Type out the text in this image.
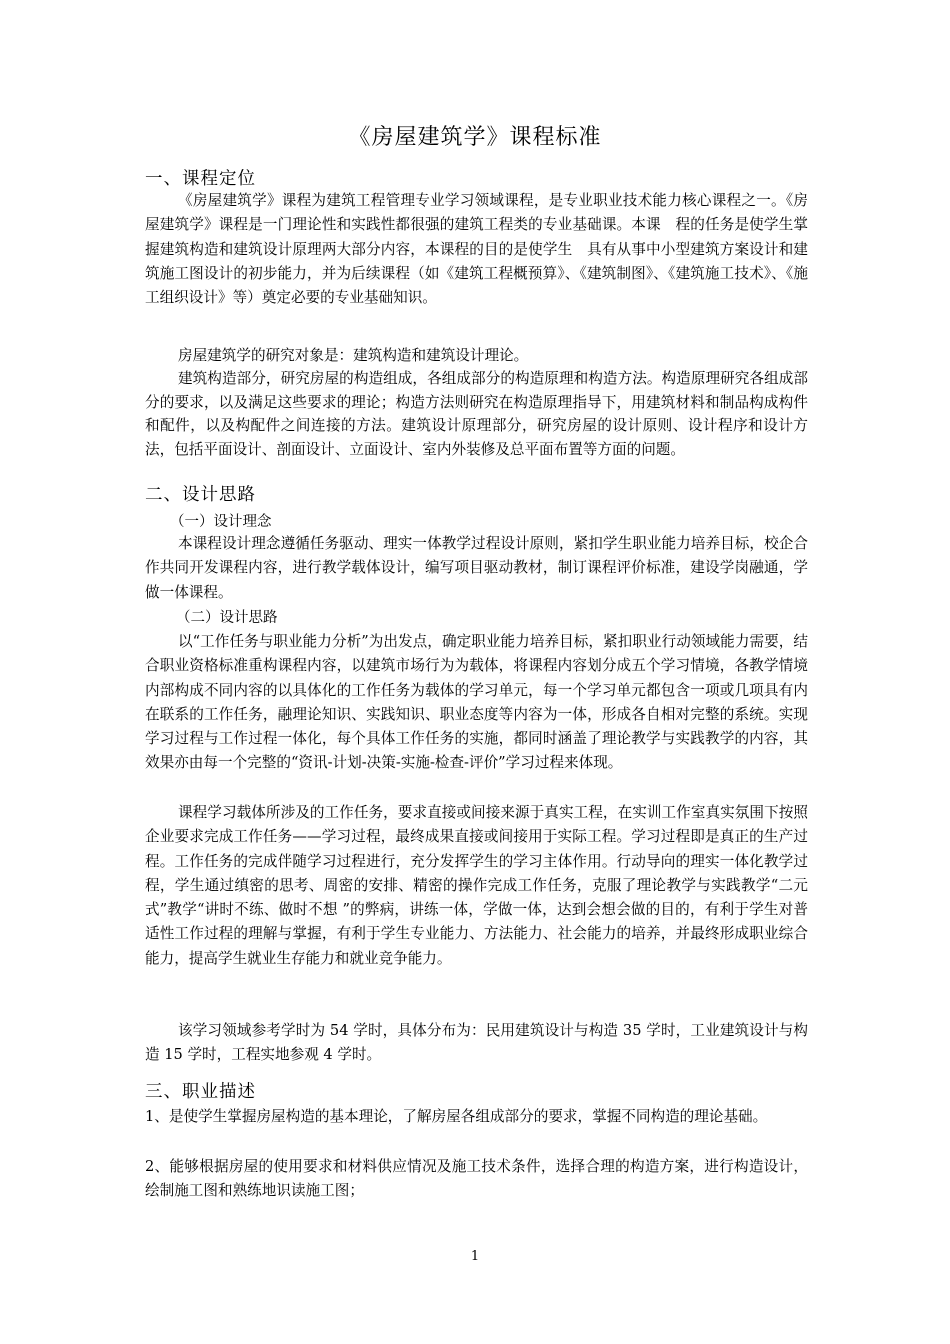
《房屋建筑学》课程标准
一、课程定位
《房屋建筑学》课程为建筑工程管理专业学习领域课程，是专业职业技术能力核心课程之一。《房屋建筑学》课程是一门理论性和实践性都很强的建筑工程类的专业基础课。本课　程的任务是使学生掌握建筑构造和建筑设计原理两大部分内容，本课程的目的是使学生　具有从事中小型建筑方案设计和建筑施工图设计的初步能力，并为后续课程（如《建筑工程概预算》、《建筑制图》、《建筑施工技术》、《施工组织设计》等）奠定必要的专业基础知识。
房屋建筑学的研究对象是：建筑构造和建筑设计理论。
建筑构造部分，研究房屋的构造组成，各组成部分的构造原理和构造方法。构造原理研究各组成部分的要求，以及满足这些要求的理论；构造方法则研究在构造原理指导下，用建筑材料和制品构成构件和配件，以及构配件之间连接的方法。建筑设计原理部分，研究房屋的设计原则、设计程序和设计方法，包括平面设计、剖面设计、立面设计、室内外装修及总平面布置等方面的问题。
二、设计思路
（一）设计理念
本课程设计理念遵循任务驱动、理实一体教学过程设计原则，紧扣学生职业能力培养目标，校企合作共同开发课程内容，进行教学载体设计，编写项目驱动教材，制订课程评价标准，建设学岗融通，学做一体课程。
（二）设计思路
以“工作任务与职业能力分析”为出发点，确定职业能力培养目标，紧扣职业行动领域能力需要，结合职业资格标准重构课程内容，以建筑市场行为为载体，将课程内容划分成五个学习情境，各教学情境内部构成不同内容的以具体化的工作任务为载体的学习单元，每一个学习单元都包含一项或几项具有内在联系的工作任务，融理论知识、实践知识、职业态度等内容为一体，形成各自相对完整的系统。实现学习过程与工作过程一体化，每个具体工作任务的实施，都同时涵盖了理论教学与实践教学的内容，其效果亦由每一个完整的“资讯-计划-决策-实施-检查-评价”学习过程来体现。
课程学习载体所涉及的工作任务，要求直接或间接来源于真实工程，在实训工作室真实氛围下按照企业要求完成工作任务——学习过程，最终成果直接或间接用于实际工程。学习过程即是真正的生产过程。工作任务的完成伴随学习过程进行，充分发挥学生的学习主体作用。行动导向的理实一体化教学过程，学生通过缜密的思考、周密的安排、精密的操作完成工作任务，克服了理论教学与实践教学“二元式”教学“讲时不练、做时不想 ”的弊病，讲练一体，学做一体，达到会想会做的目的，有利于学生对普适性工作过程的理解与掌握，有利于学生专业能力、方法能力、社会能力的培养，并最终形成职业综合能力，提高学生就业生存能力和就业竞争能力。
该学习领域参考学时为 54 学时，具体分布为：民用建筑设计与构造 35 学时，工业建筑设计与构造 15 学时，工程实地参观 4 学时。
三、职业描述
1、是使学生掌握房屋构造的基本理论，了解房屋各组成部分的要求，掌握不同构造的理论基础。
2、能够根据房屋的使用要求和材料供应情况及施工技术条件，选择合理的构造方案，进行构造设计，绘制施工图和熟练地识读施工图；
1
